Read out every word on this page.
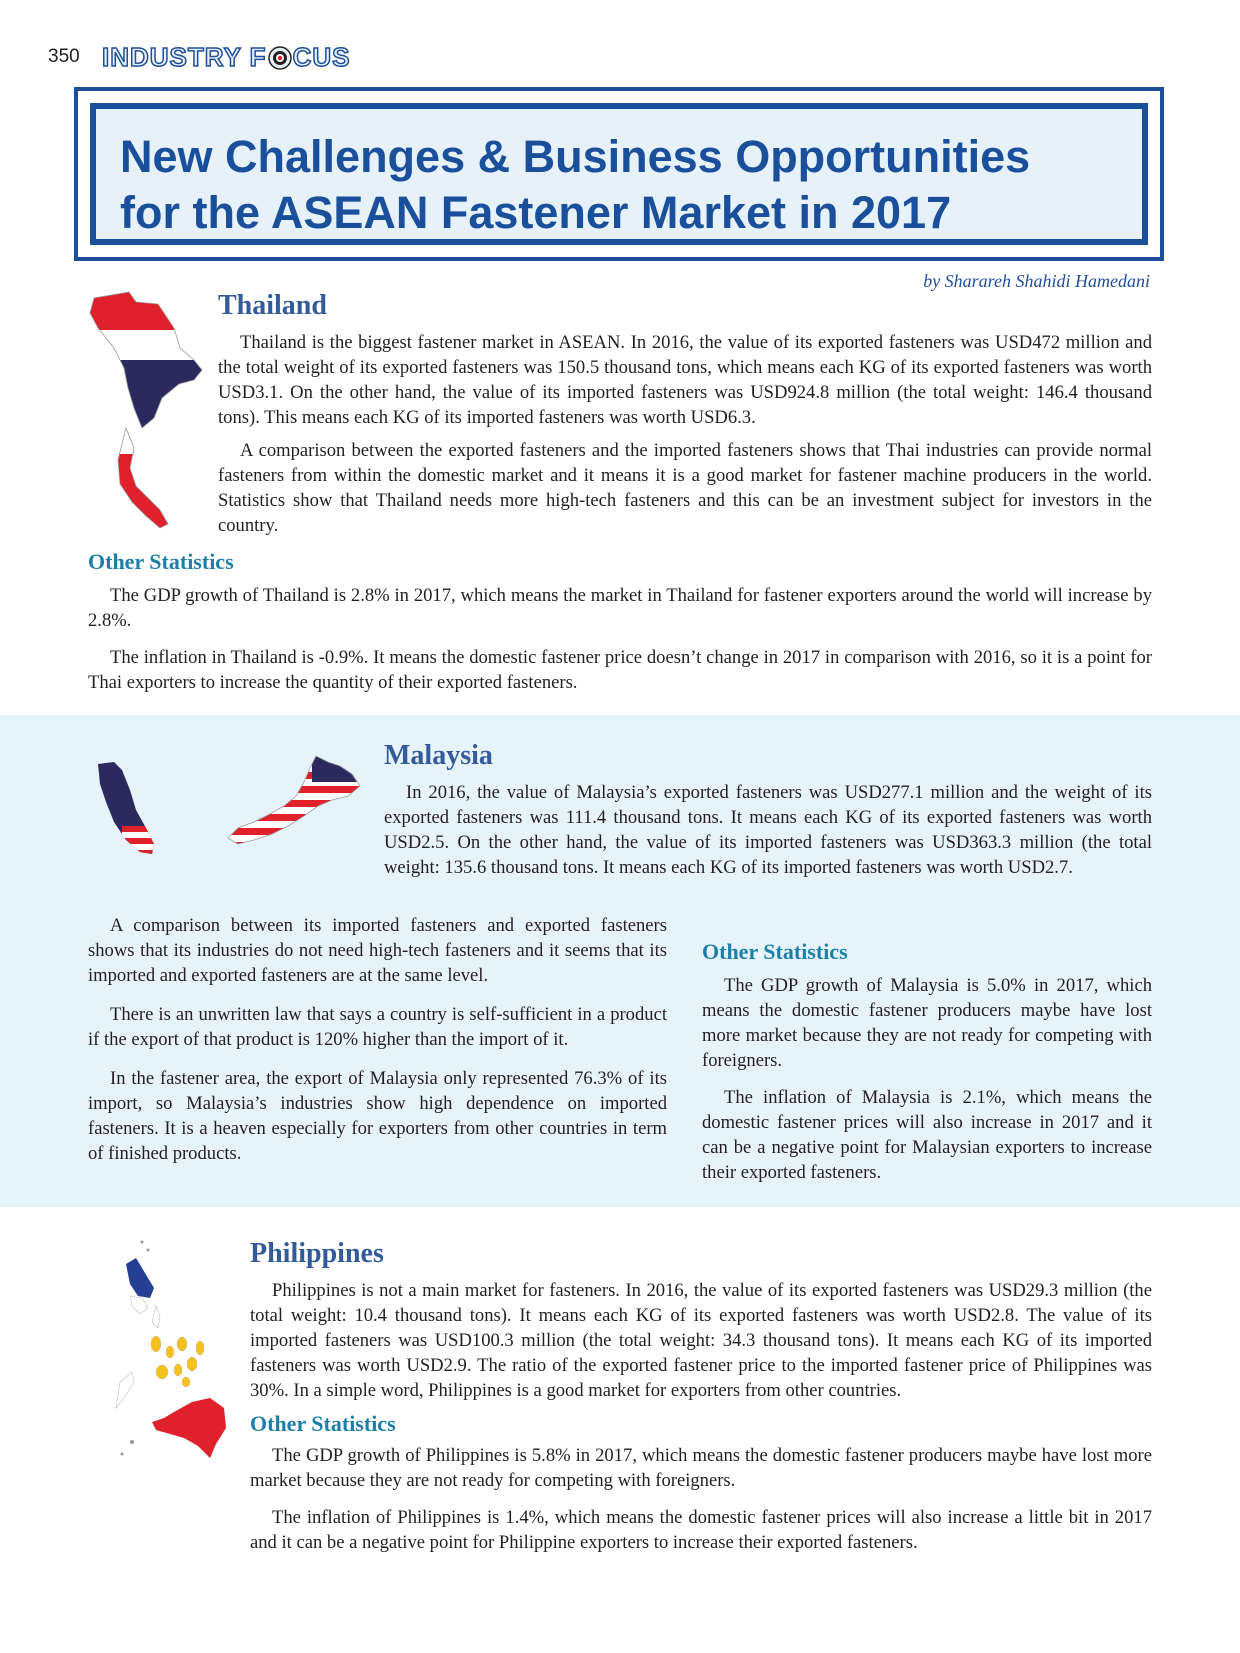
350 INDUSTRY F CUS
New Challenges & Business Opportunities
for the ASEAN Fastener Market in 2017
by Sharareh Shahidi Hamedani
Thailand

Thailand is the biggest fastener market in ASEAN. In 2016, the value of its exported fasteners was USD472 million and the total weight of its exported fasteners was 150.5 thousand tons, which means each KG of its exported fasteners was worth USD3.1. On the other hand, the value of its imported fasteners was USD924.8 million (the total weight: 146.4 thousand tons). This means each KG of its imported fasteners was worth USD6.3.

A comparison between the exported fasteners and the imported fasteners shows that Thai industries can provide normal fasteners from within the domestic market and it means it is a good market for fastener machine producers in the world. Statistics show that Thailand needs more high-tech fasteners and this can be an investment subject for investors in the country.

Other Statistics

The GDP growth of Thailand is 2.8% in 2017, which means the market in Thailand for fastener exporters around the world will increase by 2.8%.

The inflation in Thailand is -0.9%. It means the domestic fastener price doesn’t change in 2017 in comparison with 2016, so it is a point for Thai exporters to increase the quantity of their exported fasteners.

Malaysia

In 2016, the value of Malaysia’s exported fasteners was USD277.1 million and the weight of its exported fasteners was 111.4 thousand tons. It means each KG of its exported fasteners was worth USD2.5. On the other hand, the value of its imported fasteners was USD363.3 million (the total weight: 135.6 thousand tons. It means each KG of its imported fasteners was worth USD2.7.

A comparison between its imported fasteners and exported fasteners shows that its industries do not need high-tech fasteners and it seems that its imported and exported fasteners are at the same level.

There is an unwritten law that says a country is self-sufficient in a product if the export of that product is 120% higher than the import of it.

In the fastener area, the export of Malaysia only represented 76.3% of its import, so Malaysia’s industries show high dependence on imported fasteners. It is a heaven especially for exporters from other countries in term of finished products.

Other Statistics

The GDP growth of Malaysia is 5.0% in 2017, which means the domestic fastener producers maybe have lost more market because they are not ready for competing with foreigners.

The inflation of Malaysia is 2.1%, which means the domestic fastener prices will also increase in 2017 and it can be a negative point for Malaysian exporters to increase their exported fasteners.

Philippines

Philippines is not a main market for fasteners. In 2016, the value of its exported fasteners was USD29.3 million (the total weight: 10.4 thousand tons). It means each KG of its exported fasteners was worth USD2.8. The value of its imported fasteners was USD100.3 million (the total weight: 34.3 thousand tons). It means each KG of its imported fasteners was worth USD2.9. The ratio of the exported fastener price to the imported fastener price of Philippines was 30%. In a simple word, Philippines is a good market for exporters from other countries.

Other Statistics

The GDP growth of Philippines is 5.8% in 2017, which means the domestic fastener producers maybe have lost more market because they are not ready for competing with foreigners.

The inflation of Philippines is 1.4%, which means the domestic fastener prices will also increase a little bit in 2017 and it can be a negative point for Philippine exporters to increase their exported fasteners.
